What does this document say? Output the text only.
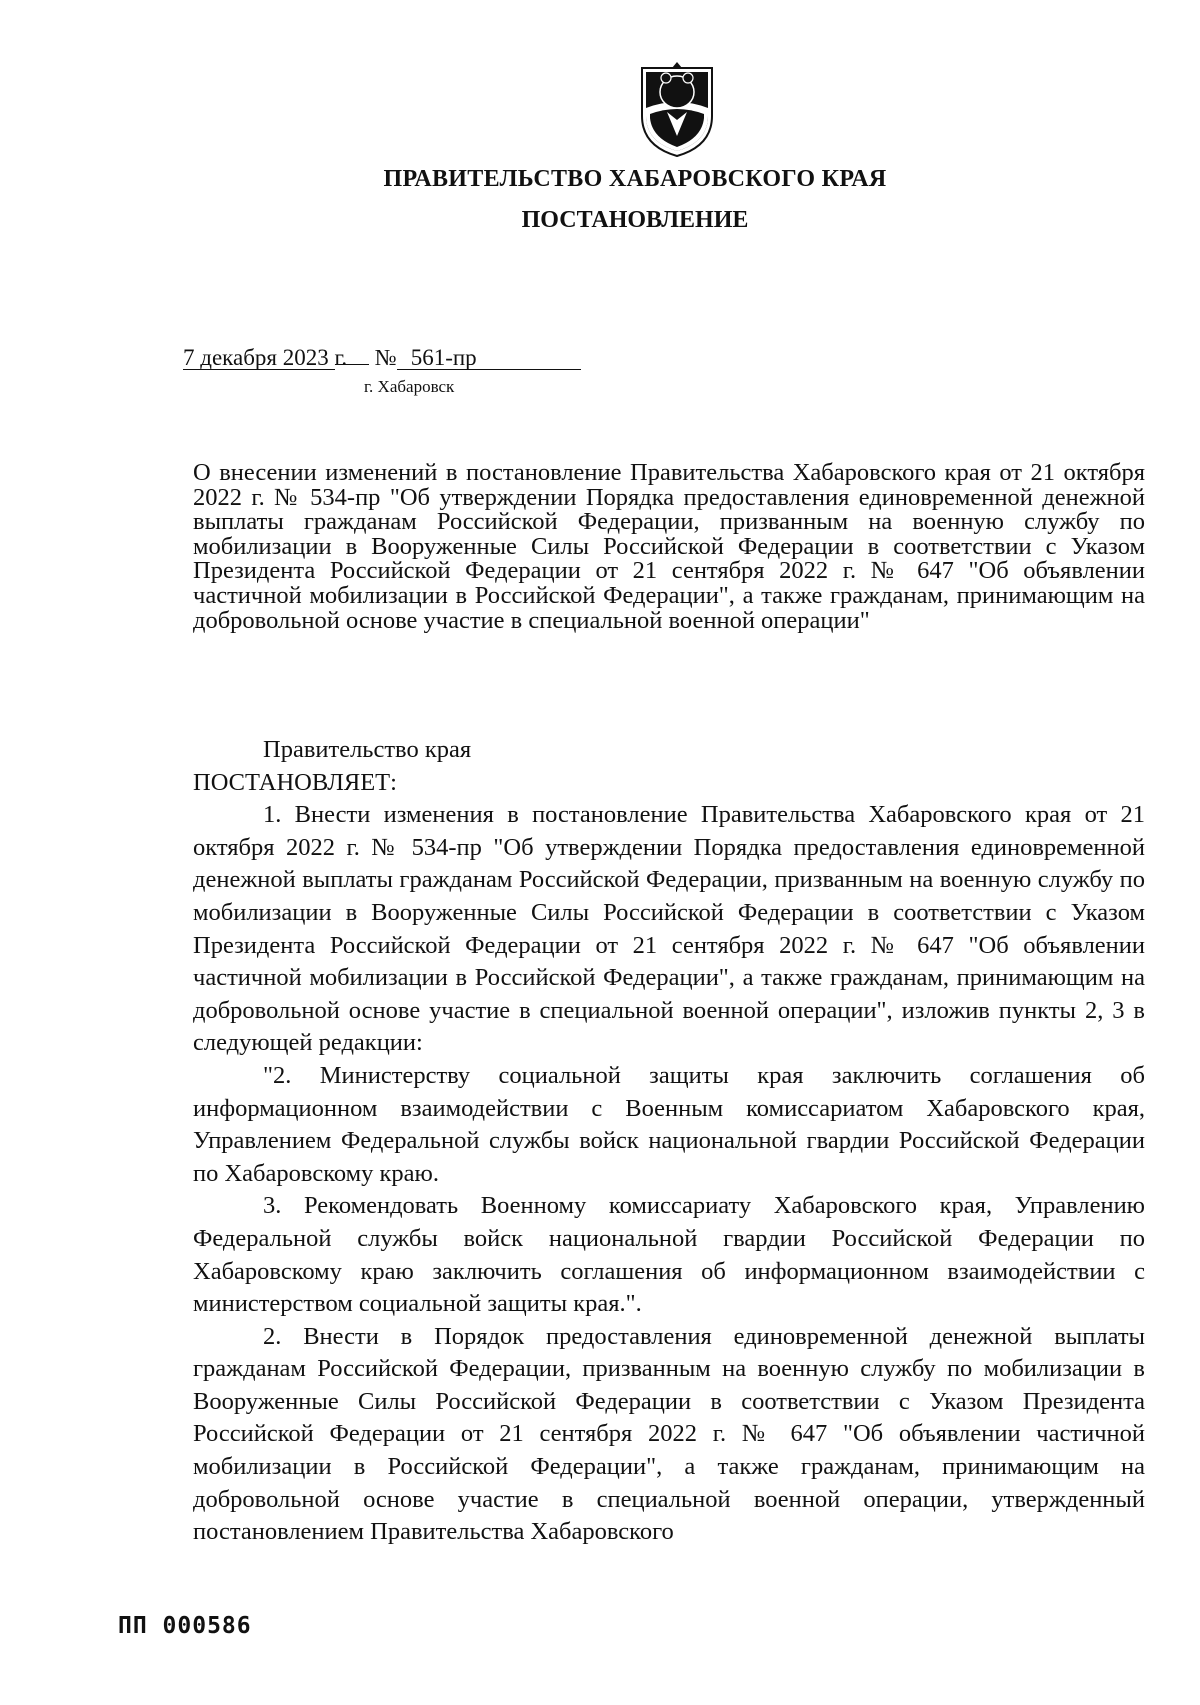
ПРАВИТЕЛЬСТВО ХАБАРОВСКОГО КРАЯ
ПОСТАНОВЛЕНИЕ
7 декабря 2023 г. № 561-пр
г. Хабаровск
О внесении изменений в постановление Правительства Хабаровского края от 21 октября 2022 г. № 534-пр "Об утверждении Порядка предоставления единовременной денежной выплаты гражданам Российской Федерации, призванным на военную службу по мобилизации в Вооруженные Силы Российской Федерации в соответствии с Указом Президента Российской Федерации от 21 сентября 2022 г. № 647 "Об объявлении частичной мобилизации в Российской Федерации", а также гражданам, принимающим на добровольной основе участие в специальной военной операции"

Правительство края

ПОСТАНОВЛЯЕТ:

1. Внести изменения в постановление Правительства Хабаровского края от 21 октября 2022 г. № 534-пр "Об утверждении Порядка предоставления единовременной денежной выплаты гражданам Российской Федерации, призванным на военную службу по мобилизации в Вооруженные Силы Российской Федерации в соответствии с Указом Президента Российской Федерации от 21 сентября 2022 г. № 647 "Об объявлении частичной мобилизации в Российской Федерации", а также гражданам, принимающим на добровольной основе участие в специальной военной операции", изложив пункты 2, 3 в следующей редакции:

"2. Министерству социальной защиты края заключить соглашения об информационном взаимодействии с Военным комиссариатом Хабаровского края, Управлением Федеральной службы войск национальной гвардии Российской Федерации по Хабаровскому краю.

3. Рекомендовать Военному комиссариату Хабаровского края, Управлению Федеральной службы войск национальной гвардии Российской Федерации по Хабаровскому краю заключить соглашения об информационном взаимодействии с министерством социальной защиты края.".

2. Внести в Порядок предоставления единовременной денежной выплаты гражданам Российской Федерации, призванным на военную службу по мобилизации в Вооруженные Силы Российской Федерации в соответствии с Указом Президента Российской Федерации от 21 сентября 2022 г. № 647 "Об объявлении частичной мобилизации в Российской Федерации", а также гражданам, принимающим на добровольной основе участие в специальной военной операции, утвержденный постановлением Правительства Хабаровского

ПП 000586
